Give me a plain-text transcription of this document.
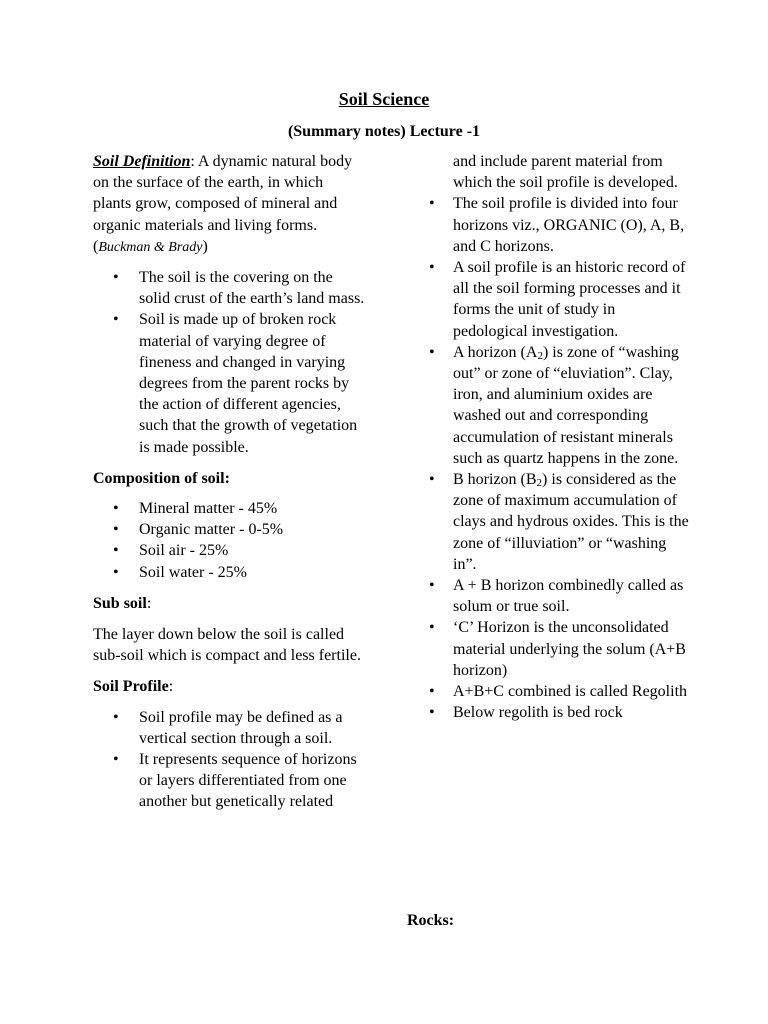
Soil Science
(Summary notes) Lecture -1

Soil Definition: A dynamic natural body on the surface of the earth, in which plants grow, composed of mineral and organic materials and living forms. (Buckman & Brady)

• The soil is the covering on the solid crust of the earth’s land mass.
• Soil is made up of broken rock material of varying degree of fineness and changed in varying degrees from the parent rocks by the action of different agencies, such that the growth of vegetation is made possible.

Composition of soil:

• Mineral matter - 45%
• Organic matter - 0-5%
• Soil air - 25%
• Soil water - 25%

Sub soil:

The layer down below the soil is called sub-soil which is compact and less fertile.

Soil Profile:

• Soil profile may be defined as a vertical section through a soil.
• It represents sequence of horizons or layers differentiated from one another but genetically related
and include parent material from which the soil profile is developed.
• The soil profile is divided into four horizons viz., ORGANIC (O), A, B, and C horizons.
• A soil profile is an historic record of all the soil forming processes and it forms the unit of study in pedological investigation.
• A horizon $(A_2)$ is zone of “washing out” or zone of “eluviation”. Clay, iron, and aluminium oxides are washed out and corresponding accumulation of resistant minerals such as quartz happens in the zone.
• B horizon $(B_2)$ is considered as the zone of maximum accumulation of clays and hydrous oxides. This is the zone of “illuviation” or “washing in”.
• A + B horizon combinedly called as solum or true soil.
• ‘C’ Horizon is the unconsolidated material underlying the solum (A+B horizon)
• A+B+C combined is called Regolith
• Below regolith is bed rock
Rocks:
